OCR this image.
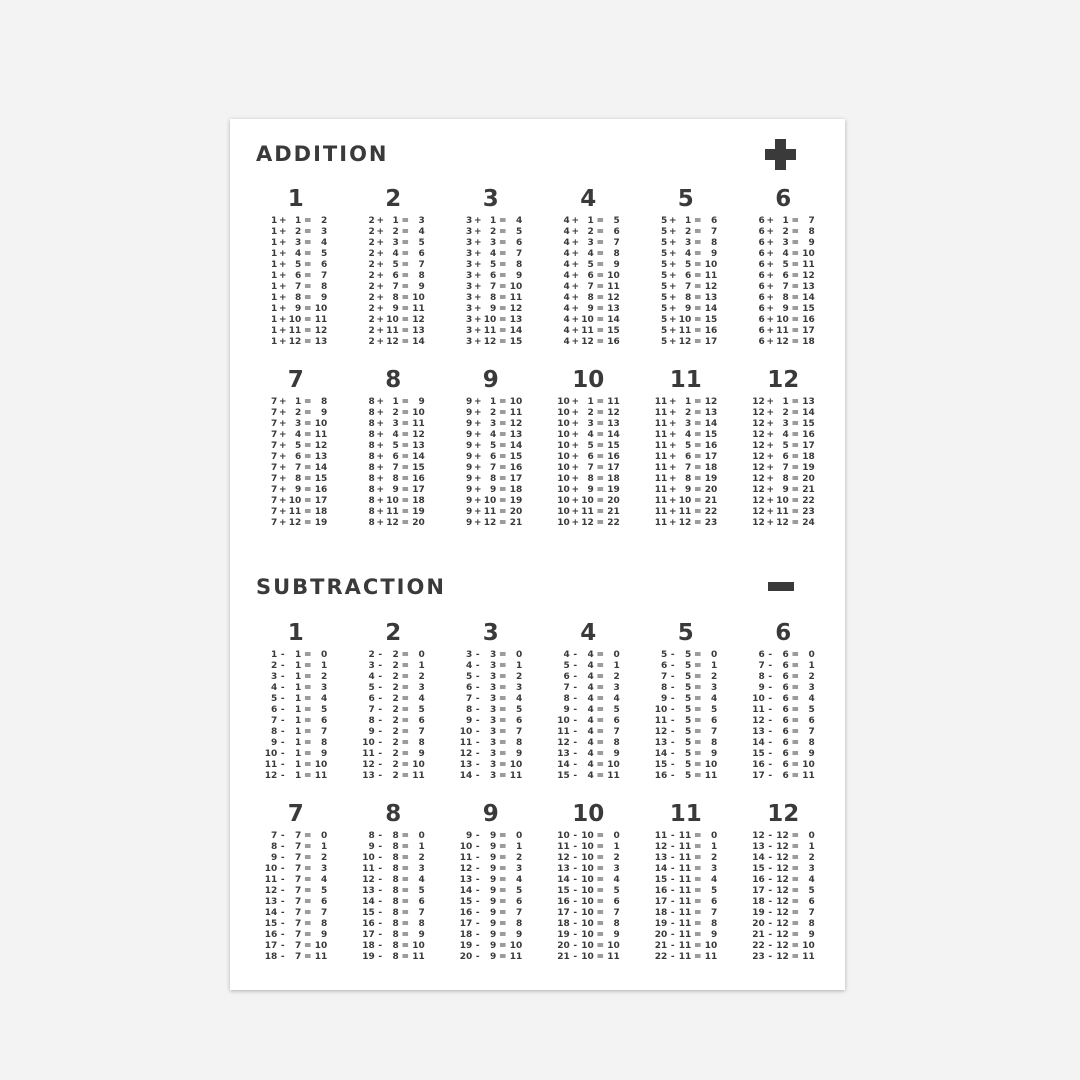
ADDITION
1
1 + 1 =	2
1 + 2 =	3
1 + 3 =	4
1 + 4 =	5
1 + 5 =	6
1 + 6 =	7
1 + 7 =	8
1 + 8 =	9
1 + 9 = 10
1 + 10 = 11
1 + 11 = 12
1 + 12 = 13
2
2 + 1 =	3
2 + 2 =	4
2 + 3 =	5
2 + 4 =	6
2 + 5 =	7
2 + 6 =	8
2 + 7 =	9
2 + 8 = 10
2 + 9 = 11
2 + 10 = 12
2 + 11 = 13
2 + 12 = 14
3
3 + 1 =	4
3 + 2 =	5
3 + 3 =	6
3 + 4 =	7
3 + 5 =	8
3 + 6 =	9
3 + 7 = 10
3 + 8 = 11
3 + 9 = 12
3 + 10 = 13
3 + 11 = 14
3 + 12 = 15
4
4 + 1 =	5
4 + 2 =	6
4 + 3 =	7
4 + 4 =	8
4 + 5 =	9
4 + 6 = 10
4 + 7 = 11
4 + 8 = 12
4 + 9 = 13
4 + 10 = 14
4 + 11 = 15
4 + 12 = 16
5
5 + 1 =	6
5 + 2 =	7
5 + 3 =	8
5 + 4 =	9
5 + 5 = 10
5 + 6 = 11
5 + 7 = 12
5 + 8 = 13
5 + 9 = 14
5 + 10 = 15
5 + 11 = 16
5 + 12 = 17
6
6 + 1 =	7
6 + 2 =	8
6 + 3 =	9
6 + 4 = 10
6 + 5 = 11
6 + 6 = 12
6 + 7 = 13
6 + 8 = 14
6 + 9 = 15
6 + 10 = 16
6 + 11 = 17
6 + 12 = 18
7
7 + 1 =	8
7 + 2 =	9
7 + 3 = 10
7 + 4 = 11
7 + 5 = 12
7 + 6 = 13
7 + 7 = 14
7 + 8 = 15
7 + 9 = 16
7 + 10 = 17
7 + 11 = 18
7 + 12 = 19
8
8 + 1 =	9
8 + 2 = 10
8 + 3 = 11
8 + 4 = 12
8 + 5 = 13
8 + 6 = 14
8 + 7 = 15
8 + 8 = 16
8 + 9 = 17
8 + 10 = 18
8 + 11 = 19
8 + 12 = 20
9
9 + 1 = 10
9 + 2 = 11
9 + 3 = 12
9 + 4 = 13
9 + 5 = 14
9 + 6 = 15
9 + 7 = 16
9 + 8 = 17
9 + 9 = 18
9 + 10 = 19
9 + 11 = 20
9 + 12 = 21
10
10 + 1 = 11
10 + 2 = 12
10 + 3 = 13
10 + 4 = 14
10 + 5 = 15
10 + 6 = 16
10 + 7 = 17
10 + 8 = 18
10 + 9 = 19
10 + 10 = 20
10 + 11 = 21
10 + 12 = 22
11
11 + 1 = 12
11 + 2 = 13
11 + 3 = 14
11 + 4 = 15
11 + 5 = 16
11 + 6 = 17
11 + 7 = 18
11 + 8 = 19
11 + 9 = 20
11 + 10 = 21
11 + 11 = 22
11 + 12 = 23
12
12 + 1 = 13
12 + 2 = 14
12 + 3 = 15
12 + 4 = 16
12 + 5 = 17
12 + 6 = 18
12 + 7 = 19
12 + 8 = 20
12 + 9 = 21
12 + 10 = 22
12 + 11 = 23
12 + 12 = 24
SUBTRACTION
1
1 -	1 =	0
2 -	1 =	1
3 -	1 =	2
4 -	1 =	3
5 -	1 =	4
6 -	1 =	5
7 -	1 =	6
8 -	1 =	7
9 -	1 =	8
10 -	1 =	9
11 -	1 = 10
12 -	1 = 11
2
2 -	2 =	0
3 -	2 =	1
4 -	2 =	2
5 -	2 =	3
6 -	2 =	4
7 -	2 =	5
8 -	2 =	6
9 -	2 =	7
10 -	2 =	8
11 -	2 =	9
12 -	2 = 10
13 -	2 = 11
3
3 -	3 =	0
4 -	3 =	1
5 -	3 =	2
6 -	3 =	3
7 -	3 =	4
8 -	3 =	5
9 -	3 =	6
10 -	3 =	7
11 -	3 =	8
12 -	3 =	9
13 -	3 = 10
14 -	3 = 11
4
4 -	4 =	0
5 -	4 =	1
6 -	4 =	2
7 -	4 =	3
8 -	4 =	4
9 -	4 =	5
10 -	4 =	6
11 -	4 =	7
12 -	4 =	8
13 -	4 =	9
14 -	4 = 10
15 -	4 = 11
5
5 -	5 =	0
6 -	5 =	1
7 -	5 =	2
8 -	5 =	3
9 -	5 =	4
10 -	5 =	5
11 -	5 =	6
12 -	5 =	7
13 -	5 =	8
14 -	5 =	9
15 -	5 = 10
16 -	5 = 11
6
6 -	6 =	0
7 -	6 =	1
8 -	6 =	2
9 -	6 =	3
10 -	6 =	4
11 -	6 =	5
12 -	6 =	6
13 -	6 =	7
14 -	6 =	8
15 -	6 =	9
16 -	6 = 10
17 -	6 = 11
7
7 -	7 =	0
8 -	7 =	1
9 -	7 =	2
10 -	7 =	3
11 -	7 =	4
12 -	7 =	5
13 -	7 =	6
14 -	7 =	7
15 -	7 =	8
16 -	7 =	9
17 -	7 = 10
18 -	7 = 11
8
8 -	8 =	0
9 -	8 =	1
10 -	8 =	2
11 -	8 =	3
12 -	8 =	4
13 -	8 =	5
14 -	8 =	6
15 -	8 =	7
16 -	8 =	8
17 -	8 =	9
18 -	8 = 10
19 -	8 = 11
9
9 -	9 =	0
10 -	9 =	1
11 -	9 =	2
12 -	9 =	3
13 -	9 =	4
14 -	9 =	5
15 -	9 =	6
16 -	9 =	7
17 -	9 =	8
18 -	9 =	9
19 -	9 = 10
20 -	9 = 11
10
10 - 10 =	0
11 - 10 =	1
12 - 10 =	2
13 - 10 =	3
14 - 10 =	4
15 - 10 =	5
16 - 10 =	6
17 - 10 =	7
18 - 10 =	8
19 - 10 =	9
20 - 10 = 10
21 - 10 = 11
11
11 - 11 =	0
12 - 11 =	1
13 - 11 =	2
14 - 11 =	3
15 - 11 =	4
16 - 11 =	5
17 - 11 =	6
18 - 11 =	7
19 - 11 =	8
20 - 11 =	9
21 - 11 = 10
22 - 11 = 11
12
12 - 12 =	0
13 - 12 =	1
14 - 12 =	2
15 - 12 =	3
16 - 12 =	4
17 - 12 =	5
18 - 12 =	6
19 - 12 =	7
20 - 12 =	8
21 - 12 =	9
22 - 12 = 10
23 - 12 = 11
